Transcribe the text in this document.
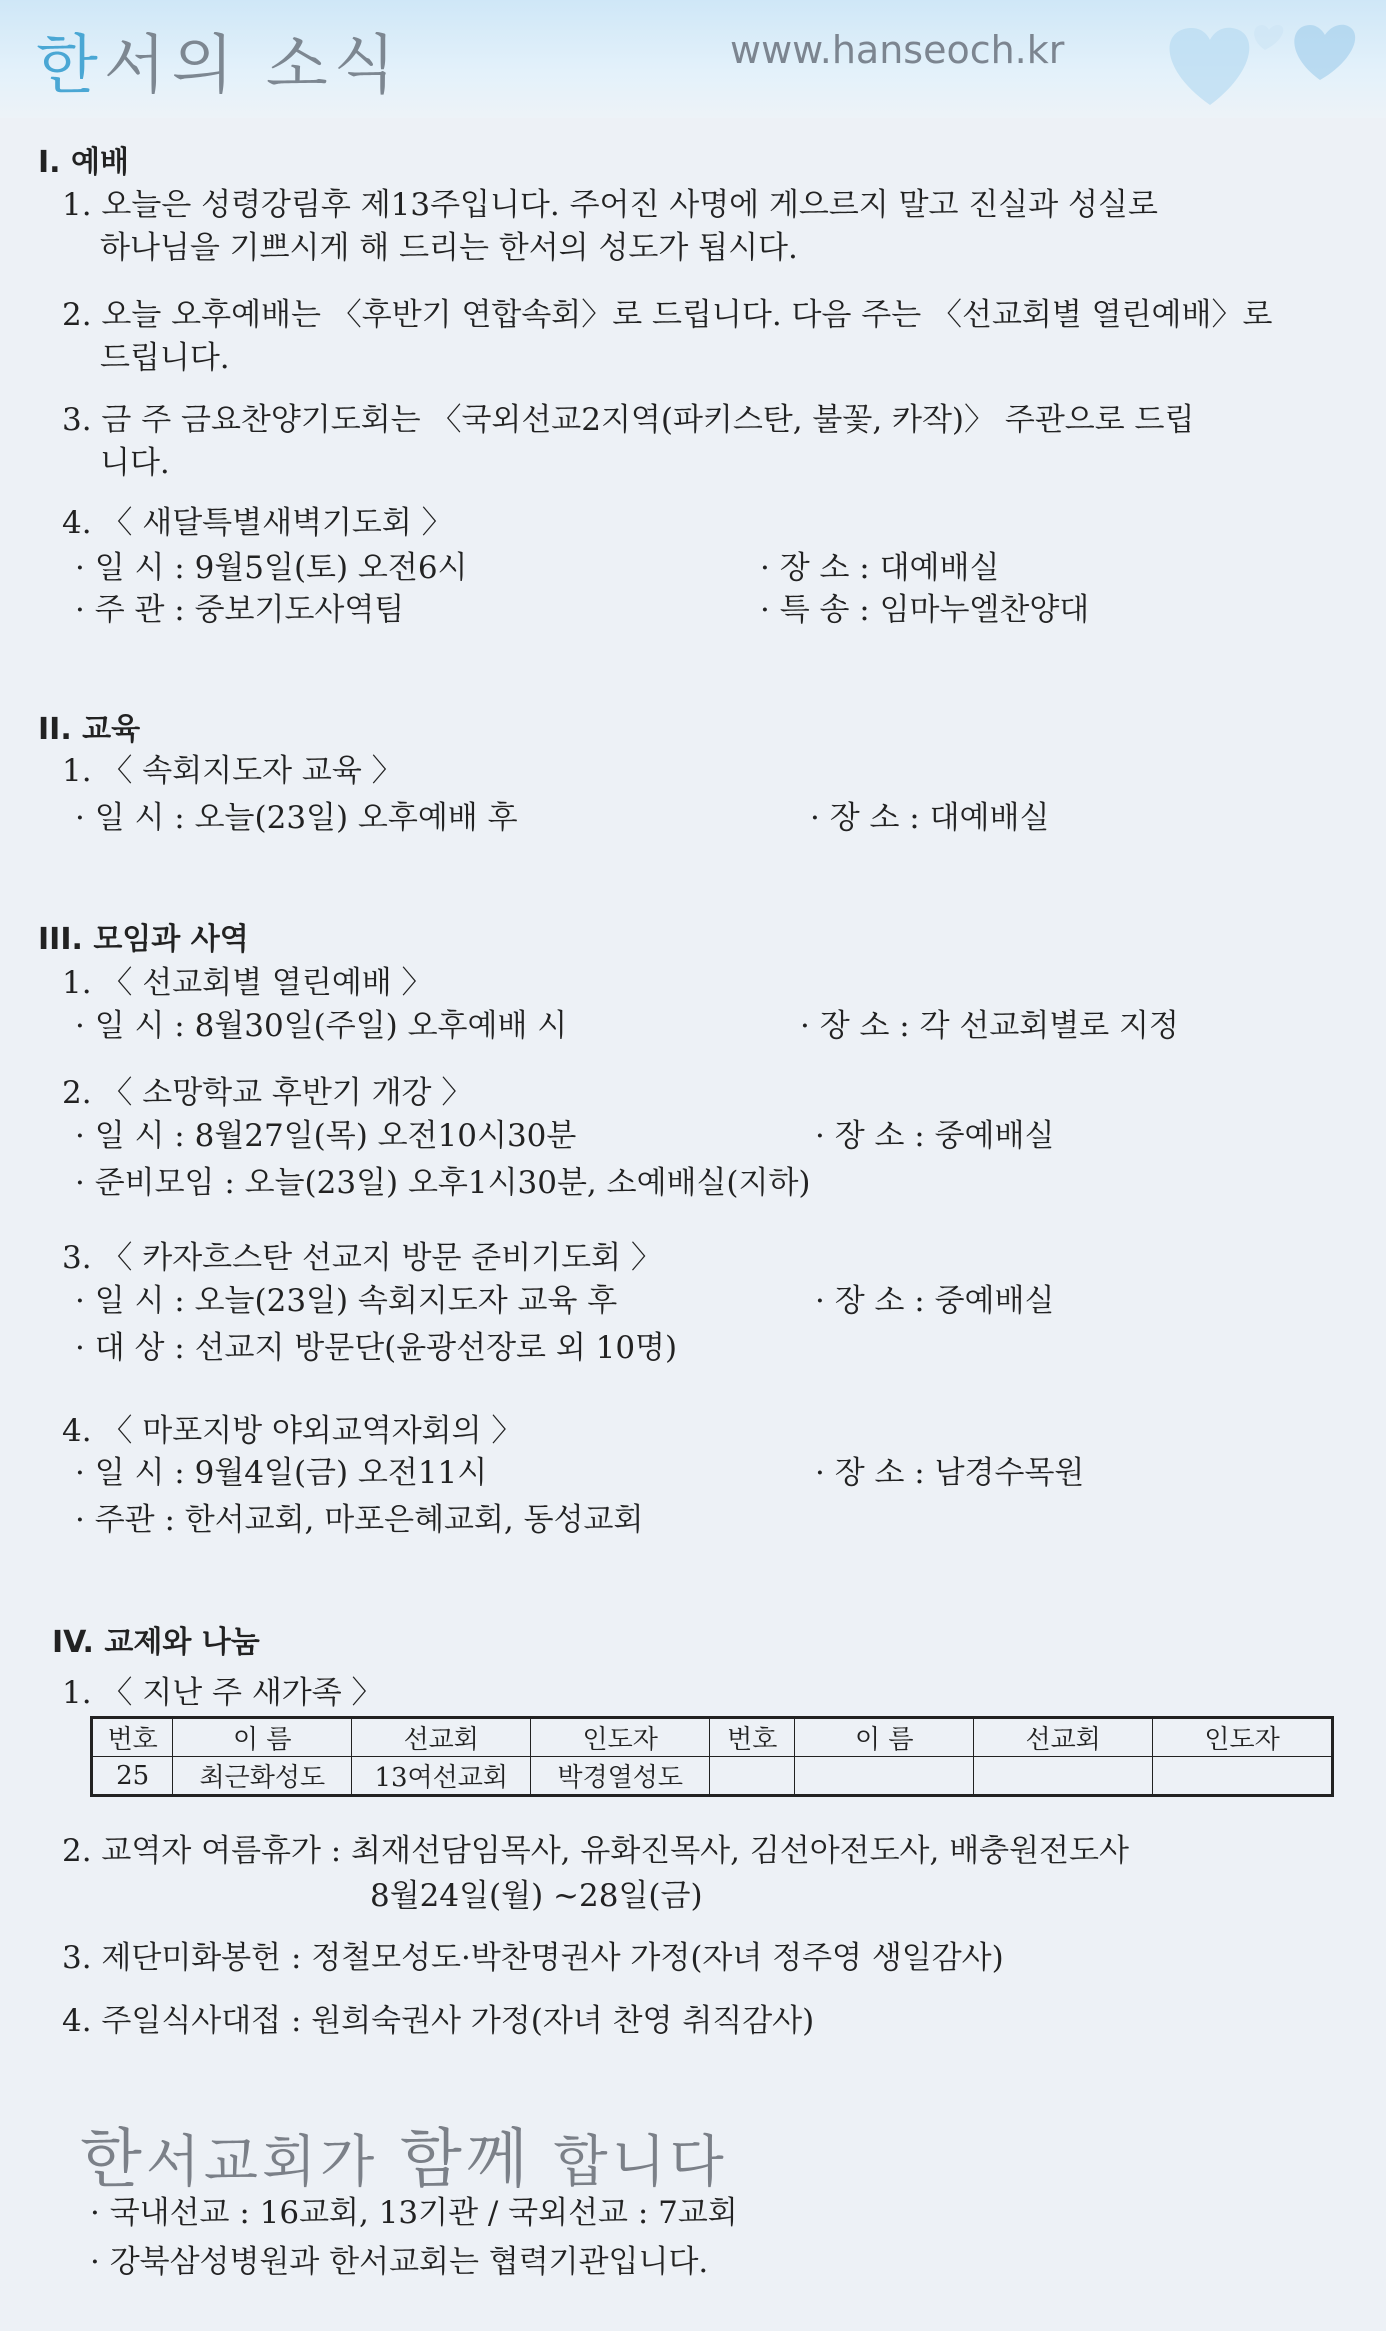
한서의 소식	www.hanseoch.kr
I. 예배
1. 오늘은 성령강림후 제13주입니다. 주어진 사명에 게으르지 말고 진실과 성실로
하나님을 기쁘시게 해 드리는 한서의 성도가 됩시다.
2. 오늘 오후예배는 〈후반기 연합속회〉로 드립니다. 다음 주는 〈선교회별 열린예배〉로
드립니다.
3. 금 주 금요찬양기도회는 〈국외선교2지역(파키스탄, 불꽃, 카작)〉 주관으로 드립
니다.
4. 〈 새달특별새벽기도회 〉
· 일 시 : 9월5일(토) 오전6시	· 장 소 : 대예배실
· 주 관 : 중보기도사역팀	· 특 송 : 임마누엘찬양대
II. 교육
1. 〈 속회지도자 교육 〉
· 일 시 : 오늘(23일) 오후예배 후	· 장 소 : 대예배실
III. 모임과 사역
1. 〈 선교회별 열린예배 〉
· 일 시 : 8월30일(주일) 오후예배 시	· 장 소 : 각 선교회별로 지정
2. 〈 소망학교 후반기 개강 〉
· 일 시 : 8월27일(목) 오전10시30분	· 장 소 : 중예배실
· 준비모임 : 오늘(23일) 오후1시30분, 소예배실(지하)
3. 〈 카자흐스탄 선교지 방문 준비기도회 〉
· 일 시 : 오늘(23일) 속회지도자 교육 후	· 장 소 : 중예배실
· 대 상 : 선교지 방문단(윤광선장로 외 10명)
4. 〈 마포지방 야외교역자회의 〉
· 일 시 : 9월4일(금) 오전11시	· 장 소 : 남경수목원
· 주관 : 한서교회, 마포은혜교회, 동성교회
IV. 교제와 나눔
1. 〈 지난 주 새가족 〉
번호	이 름	선교회	인도자	번호	이 름	선교회	인도자
25	최근화성도	13여선교회	박경열성도				
2. 교역자 여름휴가 : 최재선담임목사, 유화진목사, 김선아전도사, 배충원전도사
8월24일(월) ~28일(금)
3. 제단미화봉헌 : 정철모성도·박찬명권사 가정(자녀 정주영 생일감사)
4. 주일식사대접 : 원희숙권사 가정(자녀 찬영 취직감사)
한서교회가 함께 합니다
· 국내선교 : 16교회, 13기관 / 국외선교 : 7교회
· 강북삼성병원과 한서교회는 협력기관입니다.
